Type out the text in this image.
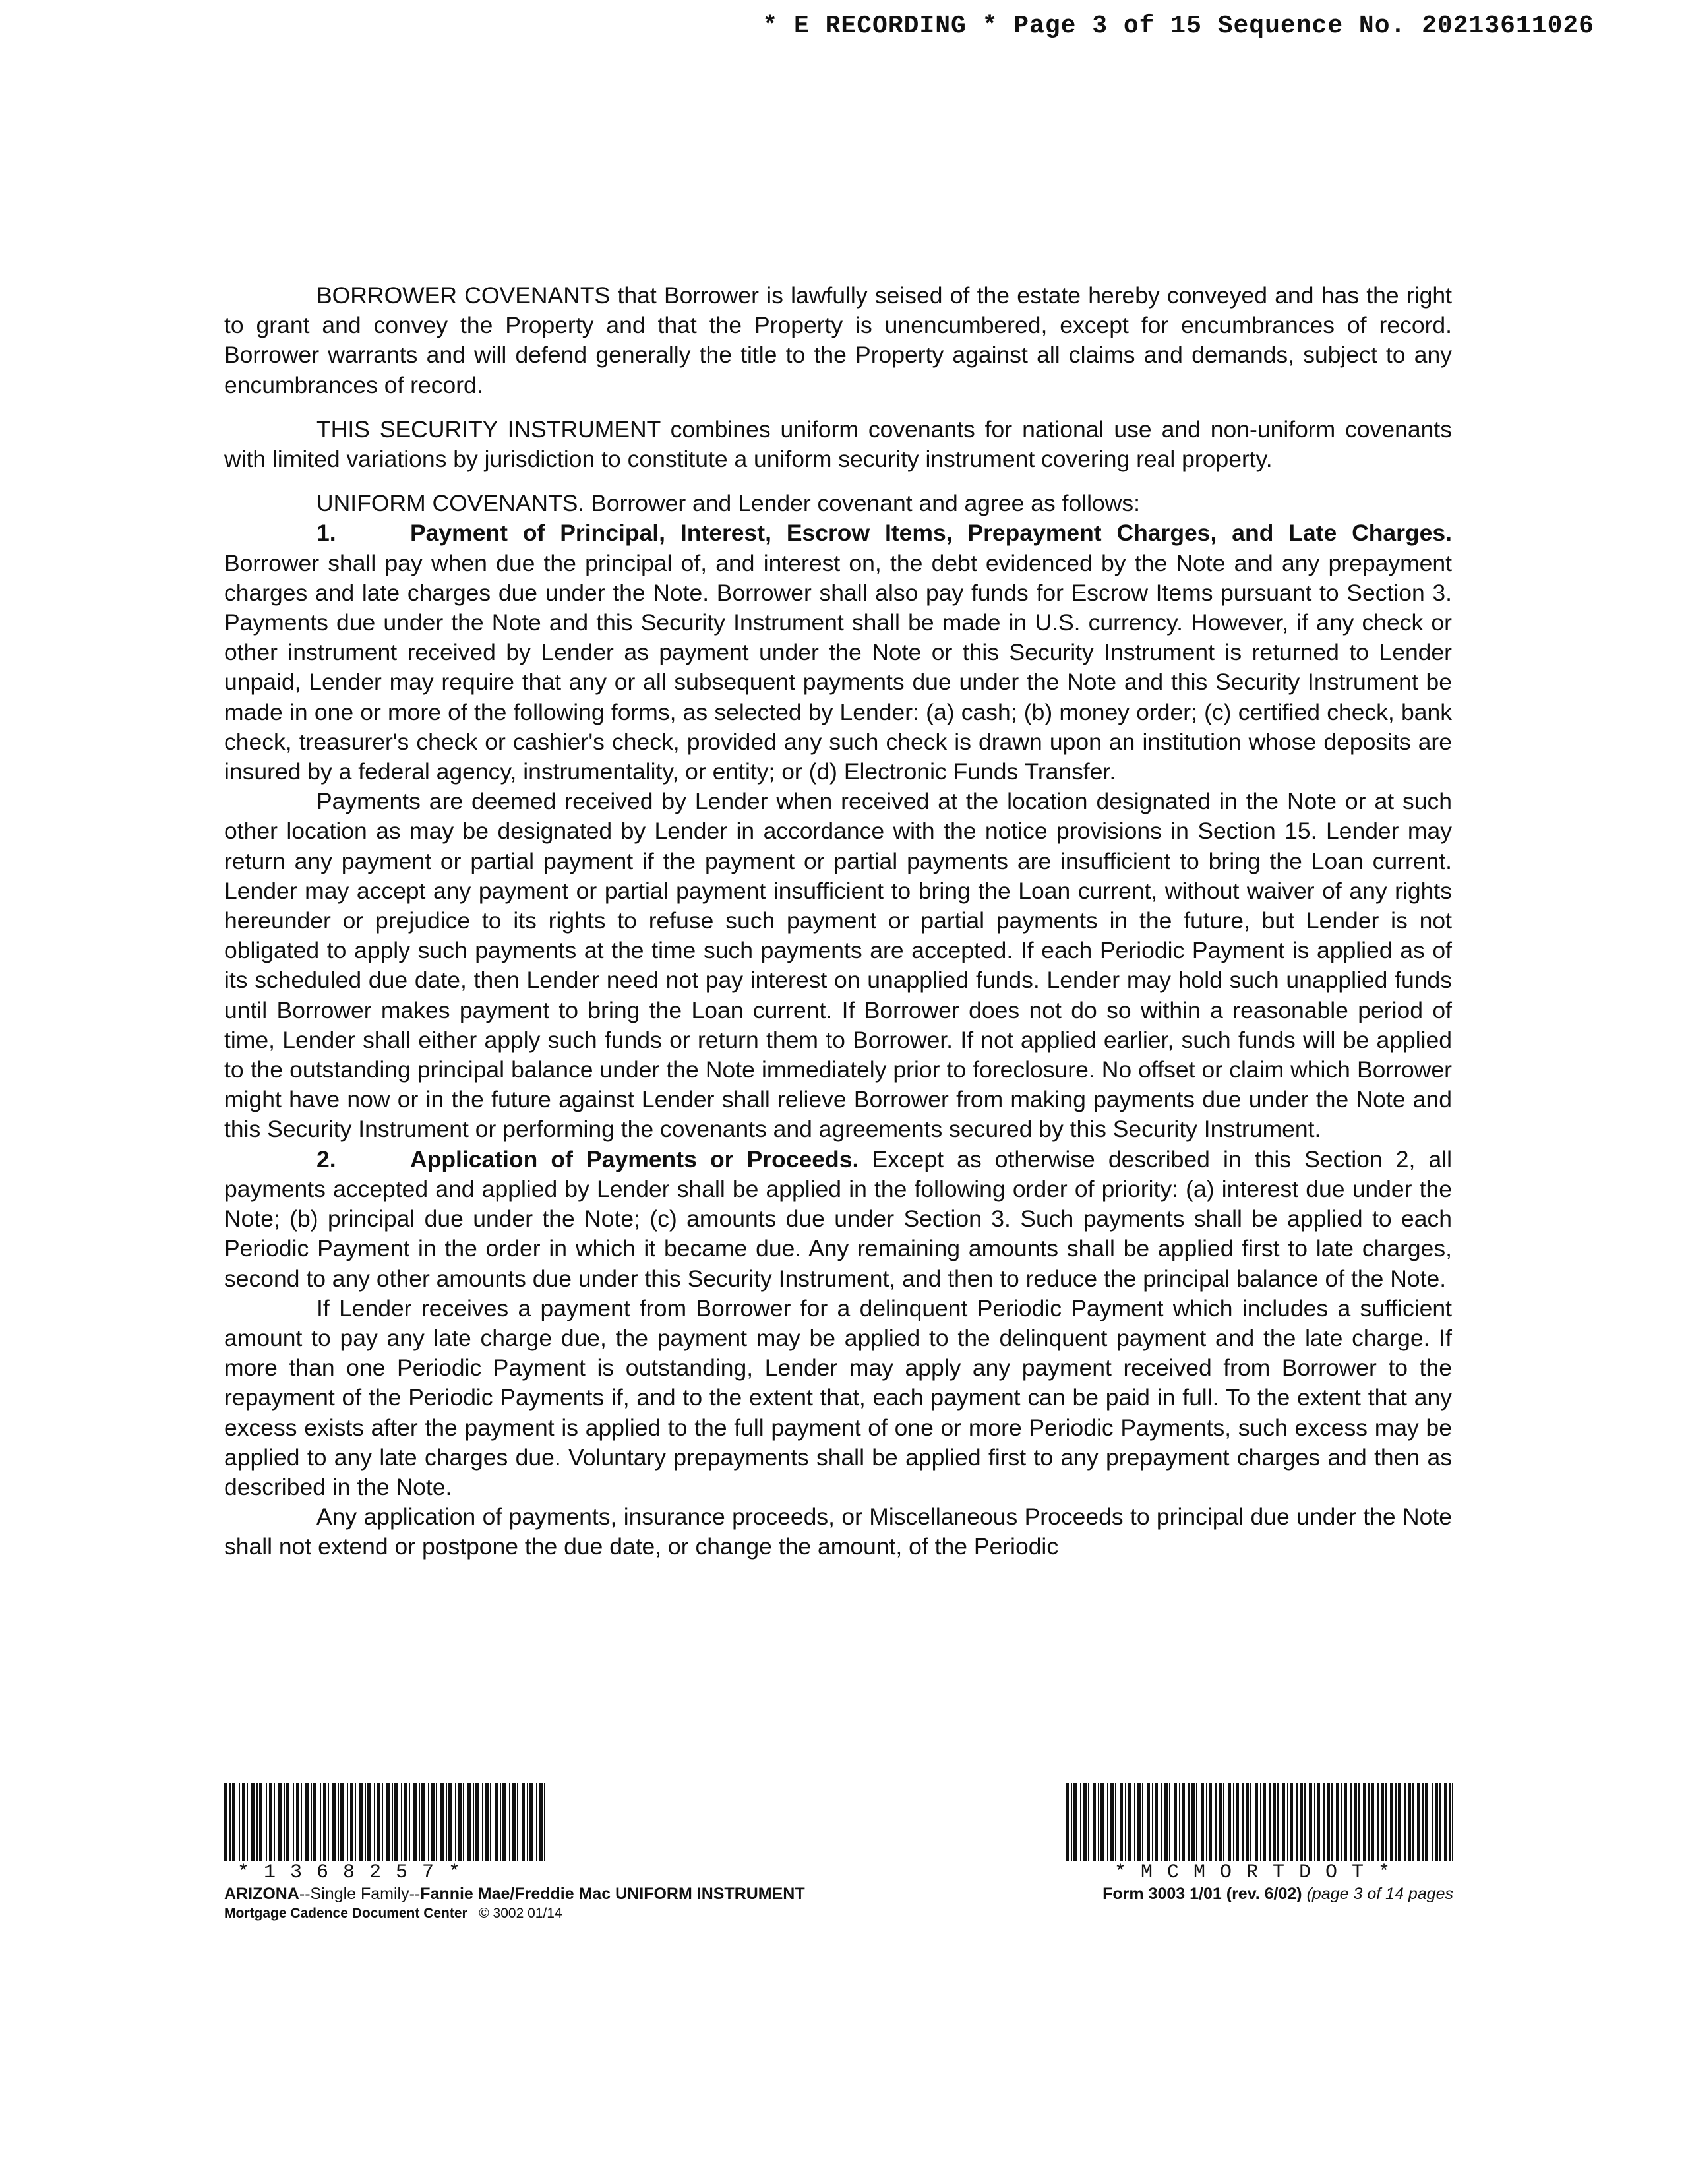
* E RECORDING * Page 3 of 15 Sequence No. 20213611026

BORROWER COVENANTS that Borrower is lawfully seised of the estate hereby conveyed and has the right to grant and convey the Property and that the Property is unencumbered, except for encumbrances of record. Borrower warrants and will defend generally the title to the Property against all claims and demands, subject to any encumbrances of record.

THIS SECURITY INSTRUMENT combines uniform covenants for national use and non-uniform covenants with limited variations by jurisdiction to constitute a uniform security instrument covering real property.

UNIFORM COVENANTS. Borrower and Lender covenant and agree as follows:

1.	Payment of Principal, Interest, Escrow Items, Prepayment Charges, and Late Charges. Borrower shall pay when due the principal of, and interest on, the debt evidenced by the Note and any prepayment charges and late charges due under the Note. Borrower shall also pay funds for Escrow Items pursuant to Section 3. Payments due under the Note and this Security Instrument shall be made in U.S. currency. However, if any check or other instrument received by Lender as payment under the Note or this Security Instrument is returned to Lender unpaid, Lender may require that any or all subsequent payments due under the Note and this Security Instrument be made in one or more of the following forms, as selected by Lender: (a) cash; (b) money order; (c) certified check, bank check, treasurer's check or cashier's check, provided any such check is drawn upon an institution whose deposits are insured by a federal agency, instrumentality, or entity; or (d) Electronic Funds Transfer.

Payments are deemed received by Lender when received at the location designated in the Note or at such other location as may be designated by Lender in accordance with the notice provisions in Section 15. Lender may return any payment or partial payment if the payment or partial payments are insufficient to bring the Loan current. Lender may accept any payment or partial payment insufficient to bring the Loan current, without waiver of any rights hereunder or prejudice to its rights to refuse such payment or partial payments in the future, but Lender is not obligated to apply such payments at the time such payments are accepted. If each Periodic Payment is applied as of its scheduled due date, then Lender need not pay interest on unapplied funds. Lender may hold such unapplied funds until Borrower makes payment to bring the Loan current. If Borrower does not do so within a reasonable period of time, Lender shall either apply such funds or return them to Borrower. If not applied earlier, such funds will be applied to the outstanding principal balance under the Note immediately prior to foreclosure. No offset or claim which Borrower might have now or in the future against Lender shall relieve Borrower from making payments due under the Note and this Security Instrument or performing the covenants and agreements secured by this Security Instrument.

2.	Application of Payments or Proceeds. Except as otherwise described in this Section 2, all payments accepted and applied by Lender shall be applied in the following order of priority: (a) interest due under the Note; (b) principal due under the Note; (c) amounts due under Section 3. Such payments shall be applied to each Periodic Payment in the order in which it became due. Any remaining amounts shall be applied first to late charges, second to any other amounts due under this Security Instrument, and then to reduce the principal balance of the Note.

If Lender receives a payment from Borrower for a delinquent Periodic Payment which includes a sufficient amount to pay any late charge due, the payment may be applied to the delinquent payment and the late charge. If more than one Periodic Payment is outstanding, Lender may apply any payment received from Borrower to the repayment of the Periodic Payments if, and to the extent that, each payment can be paid in full. To the extent that any excess exists after the payment is applied to the full payment of one or more Periodic Payments, such excess may be applied to any late charges due. Voluntary prepayments shall be applied first to any prepayment charges and then as described in the Note.

Any application of payments, insurance proceeds, or Miscellaneous Proceeds to principal due under the Note shall not extend or postpone the due date, or change the amount, of the Periodic

*1368257*
ARIZONA--Single Family--Fannie Mae/Freddie Mac UNIFORM INSTRUMENT
Mortgage Cadence Document Center © 3002 01/14
*MCMORTDOT*
Form 3003 1/01 (rev. 6/02) (page 3 of 14 pages
